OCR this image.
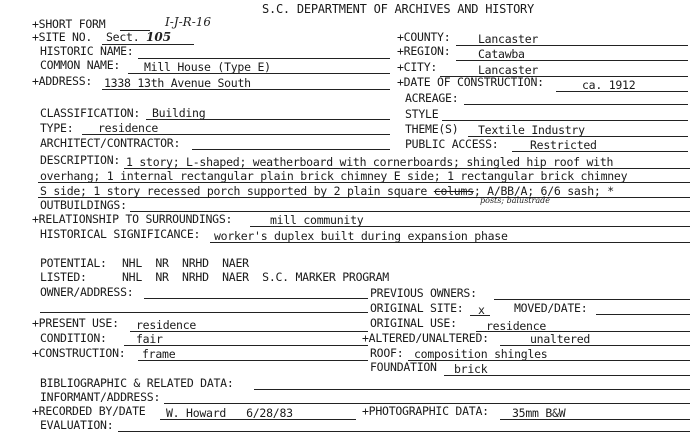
S.C. DEPARTMENT OF ARCHIVES AND HISTORY
+SHORT FORM	I-J-R-16
+SITE NO. Sect. 105	+COUNTY: Lancaster
HISTORIC NAME:	+REGION: Catawba
COMMON NAME: Mill House (Type E)	+CITY:	Lancaster
+ADDRESS: 1338 13th Avenue South	+DATE OF CONSTRUCTION:	ca. 1912
ACREAGE:
CLASSIFICATION: Building	STYLE
TYPE: residence	THEME(S) Textile Industry
ARCHITECT/CONTRACTOR:	PUBLIC ACCESS:	Restricted
DESCRIPTION: 1 story; L-shaped; weatherboard with cornerboards; shingled hip roof with
overhang; 1 internal rectangular plain brick chimney E side; 1 rectangular brick chimney
S side; 1 story recessed porch supported by 2 plain square colums; A/BB/A; 6/6 sash; *
posts; balustrade
OUTBUILDINGS:
+RELATIONSHIP TO SURROUNDINGS:	mill community
HISTORICAL SIGNIFICANCE: worker's duplex built during expansion phase
POTENTIAL: NHL  NR  NRHD  NAER
LISTED:	NHL  NR  NRHD  NAER  S.C. MARKER PROGRAM
OWNER/ADDRESS:	PREVIOUS OWNERS:
ORIGINAL SITE: x	MOVED/DATE:
+PRESENT USE: residence	ORIGINAL USE:	residence
CONDITION:	fair	+ALTERED/UNALTERED:	unaltered
+CONSTRUCTION: frame	ROOF: composition shingles
FOUNDATION brick
BIBLIOGRAPHIC & RELATED DATA:
INFORMANT/ADDRESS:
+RECORDED BY/DATE W. Howard   6/28/83	+PHOTOGRAPHIC DATA: 35mm B&W
EVALUATION:
